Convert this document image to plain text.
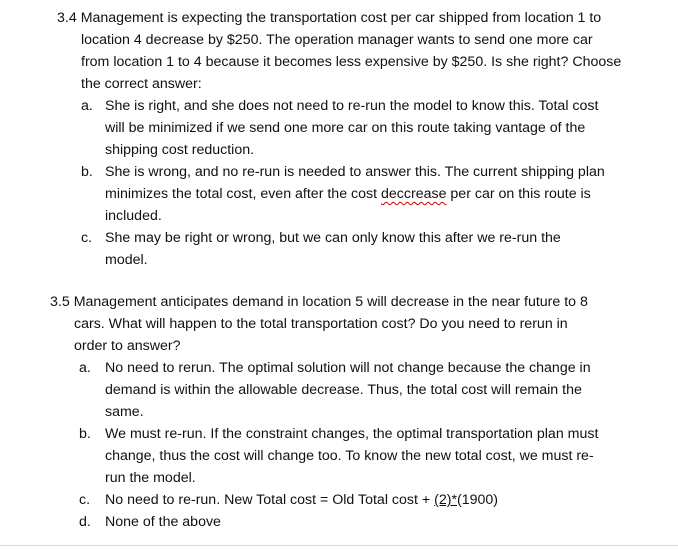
3.4 Management is expecting the transportation cost per car shipped from location 1 to
location 4 decrease by $250. The operation manager wants to send one more car
from location 1 to 4 because it becomes less expensive by $250. Is she right? Choose
the correct answer:
a. She is right, and she does not need to re-run the model to know this. Total cost
will be minimized if we send one more car on this route taking vantage of the
shipping cost reduction.
b. She is wrong, and no re-run is needed to answer this. The current shipping plan
minimizes the total cost, even after the cost deccrease per car on this route is
included.
c. She may be right or wrong, but we can only know this after we re-run the
model.
3.5 Management anticipates demand in location 5 will decrease in the near future to 8
cars. What will happen to the total transportation cost? Do you need to rerun in
order to answer?
a. No need to rerun. The optimal solution will not change because the change in
demand is within the allowable decrease. Thus, the total cost will remain the
same.
b. We must re-run. If the constraint changes, the optimal transportation plan must
change, thus the cost will change too. To know the new total cost, we must re-
run the model.
c. No need to re-run. New Total cost = Old Total cost + (2)*(1900)
d. None of the above
